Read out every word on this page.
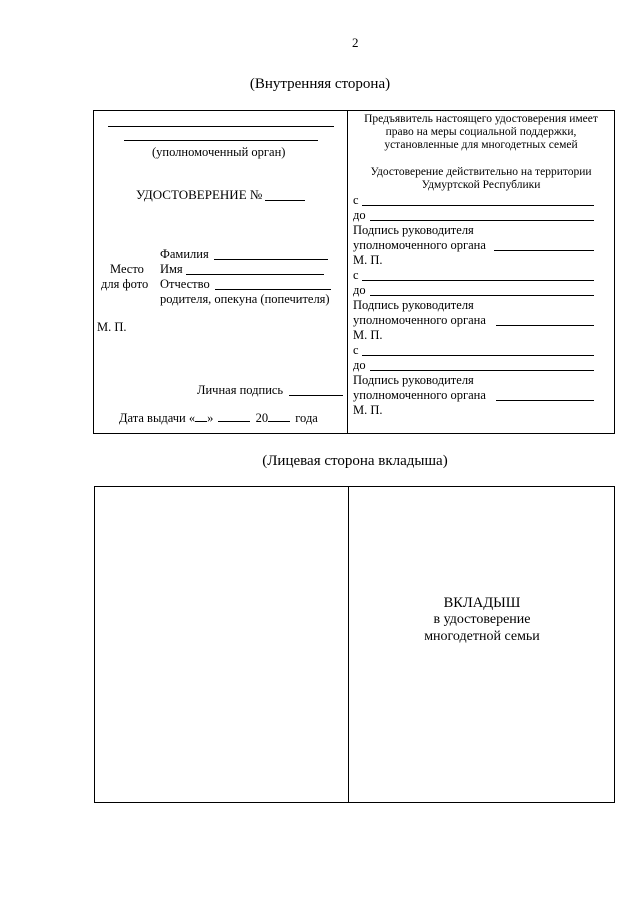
2
(Внутренняя сторона)
(уполномоченный орган)
УДОСТОВЕРЕНИЕ №
Фамилия
Место Имя
для фото Отчество
родителя, опекуна (попечителя)
М. П.
Личная подпись
Дата выдачи « »	20 года
Предъявитель настоящего удостоверения имеет
право на меры социальной поддержки,
установленные для многодетных семей
Удостоверение действительно на территории
Удмуртской Республики
с
до
Подпись руководителя
уполномоченного органа
М. П.
с
до
Подпись руководителя
уполномоченного органа
М. П.
с
до
Подпись руководителя
уполномоченного органа
М. П.
(Лицевая сторона вкладыша)
ВКЛАДЫШ
в удостоверение
многодетной семьи
